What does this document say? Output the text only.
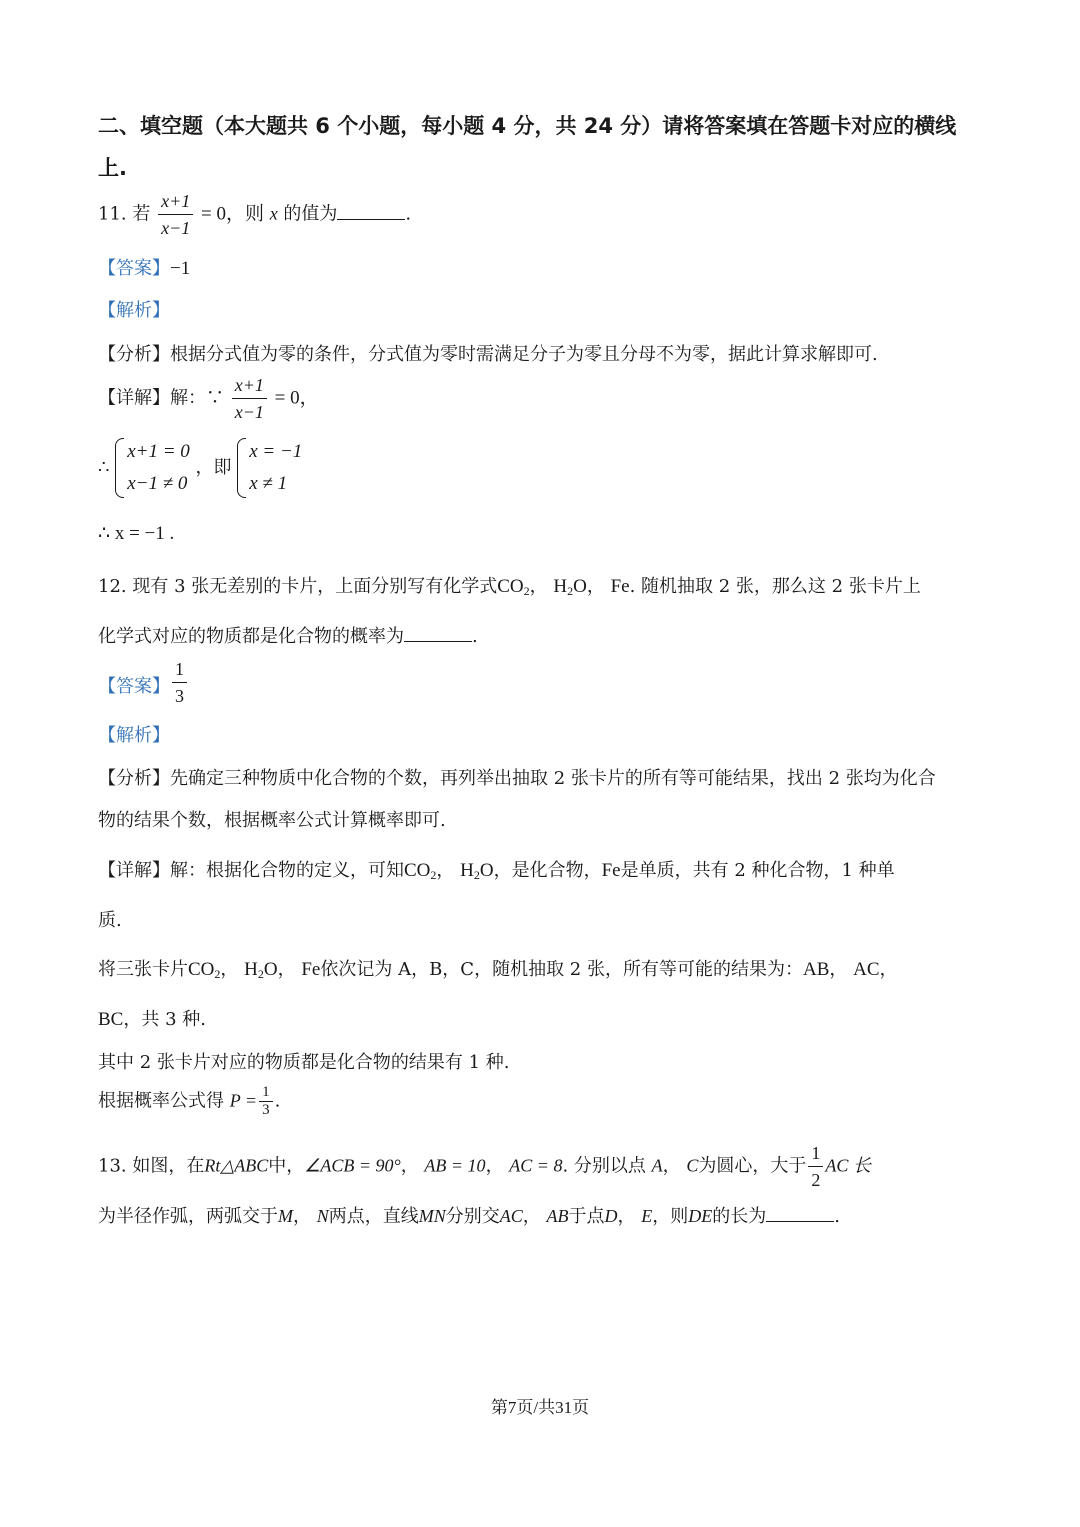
二、填空题（本大题共 6 个小题，每小题 4 分，共 24 分）请将答案填在答题卡对应的横线
上.
11. 若 $\frac{x+1}{x-1} = 0$，则 x 的值为	.
【答案】−1
【解析】
【分析】根据分式值为零的条件，分式值为零时需满足分子为零且分母不为零，据此计算求解即可.
【详解】解：∵ $\frac{x+1}{x-1} = 0$，
∴
x+1 = 0
x−1 ≠ 0
，即
x = −1
x ≠ 1
∴ x = −1 .
12. 现有 3 张无差别的卡片，上面分别写有化学式$CO_2$， $H_2O$， Fe. 随机抽取 2 张，那么这 2 张卡片上
化学式对应的物质都是化合物的概率为	.
【答案】 $\frac{1}{3}$
【解析】
【分析】先确定三种物质中化合物的个数，再列举出抽取 2 张卡片的所有等可能结果，找出 2 张均为化合
物的结果个数，根据概率公式计算概率即可.
【详解】解：根据化合物的定义，可知$CO_2$， $H_2O$，是化合物，Fe是单质，共有 2 种化合物，1 种单
质.
将三张卡片$CO_2$， $H_2O$， Fe依次记为 A，B，C，随机抽取 2 张，所有等可能的结果为：AB， AC，
BC，共 3 种.
其中 2 张卡片对应的物质都是化合物的结果有 1 种.
根据概率公式得 $P = \frac{1}{3}$ .
13. 如图，在Rt△ABC中，∠ACB = 90°， AB = 10， AC = 8. 分别以点 A， C为圆心，大于 $\frac{1}{2}$ AC 长
为半径作弧，两弧交于M， N两点，直线MN分别交AC， AB于点D， E，则DE的长为	.
第7页/共31页
